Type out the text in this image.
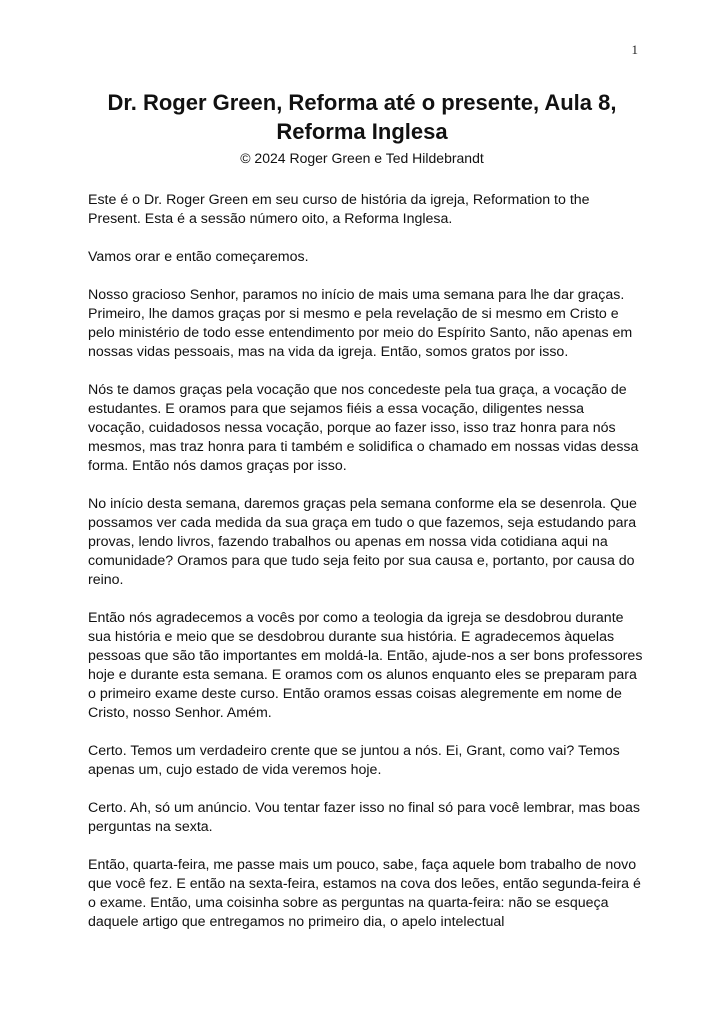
1
Dr. Roger Green, Reforma até o presente, Aula 8,
Reforma Inglesa
© 2024 Roger Green e Ted Hildebrandt

Este é o Dr. Roger Green em seu curso de história da igreja, Reformation to the Present. Esta é a sessão número oito, a Reforma Inglesa.

Vamos orar e então começaremos.

Nosso gracioso Senhor, paramos no início de mais uma semana para lhe dar graças. Primeiro, lhe damos graças por si mesmo e pela revelação de si mesmo em Cristo e pelo ministério de todo esse entendimento por meio do Espírito Santo, não apenas em nossas vidas pessoais, mas na vida da igreja. Então, somos gratos por isso.

Nós te damos graças pela vocação que nos concedeste pela tua graça, a vocação de estudantes. E oramos para que sejamos fiéis a essa vocação, diligentes nessa vocação, cuidadosos nessa vocação, porque ao fazer isso, isso traz honra para nós mesmos, mas traz honra para ti também e solidifica o chamado em nossas vidas dessa forma. Então nós damos graças por isso.

No início desta semana, daremos graças pela semana conforme ela se desenrola. Que possamos ver cada medida da sua graça em tudo o que fazemos, seja estudando para provas, lendo livros, fazendo trabalhos ou apenas em nossa vida cotidiana aqui na comunidade? Oramos para que tudo seja feito por sua causa e, portanto, por causa do reino.

Então nós agradecemos a vocês por como a teologia da igreja se desdobrou durante sua história e meio que se desdobrou durante sua história. E agradecemos àquelas pessoas que são tão importantes em moldá-la. Então, ajude-nos a ser bons professores hoje e durante esta semana. E oramos com os alunos enquanto eles se preparam para o primeiro exame deste curso. Então oramos essas coisas alegremente em nome de Cristo, nosso Senhor. Amém.

Certo. Temos um verdadeiro crente que se juntou a nós. Ei, Grant, como vai? Temos apenas um, cujo estado de vida veremos hoje.

Certo. Ah, só um anúncio. Vou tentar fazer isso no final só para você lembrar, mas boas perguntas na sexta.

Então, quarta-feira, me passe mais um pouco, sabe, faça aquele bom trabalho de novo que você fez. E então na sexta-feira, estamos na cova dos leões, então segunda-feira é o exame. Então, uma coisinha sobre as perguntas na quarta-feira: não se esqueça daquele artigo que entregamos no primeiro dia, o apelo intelectual
